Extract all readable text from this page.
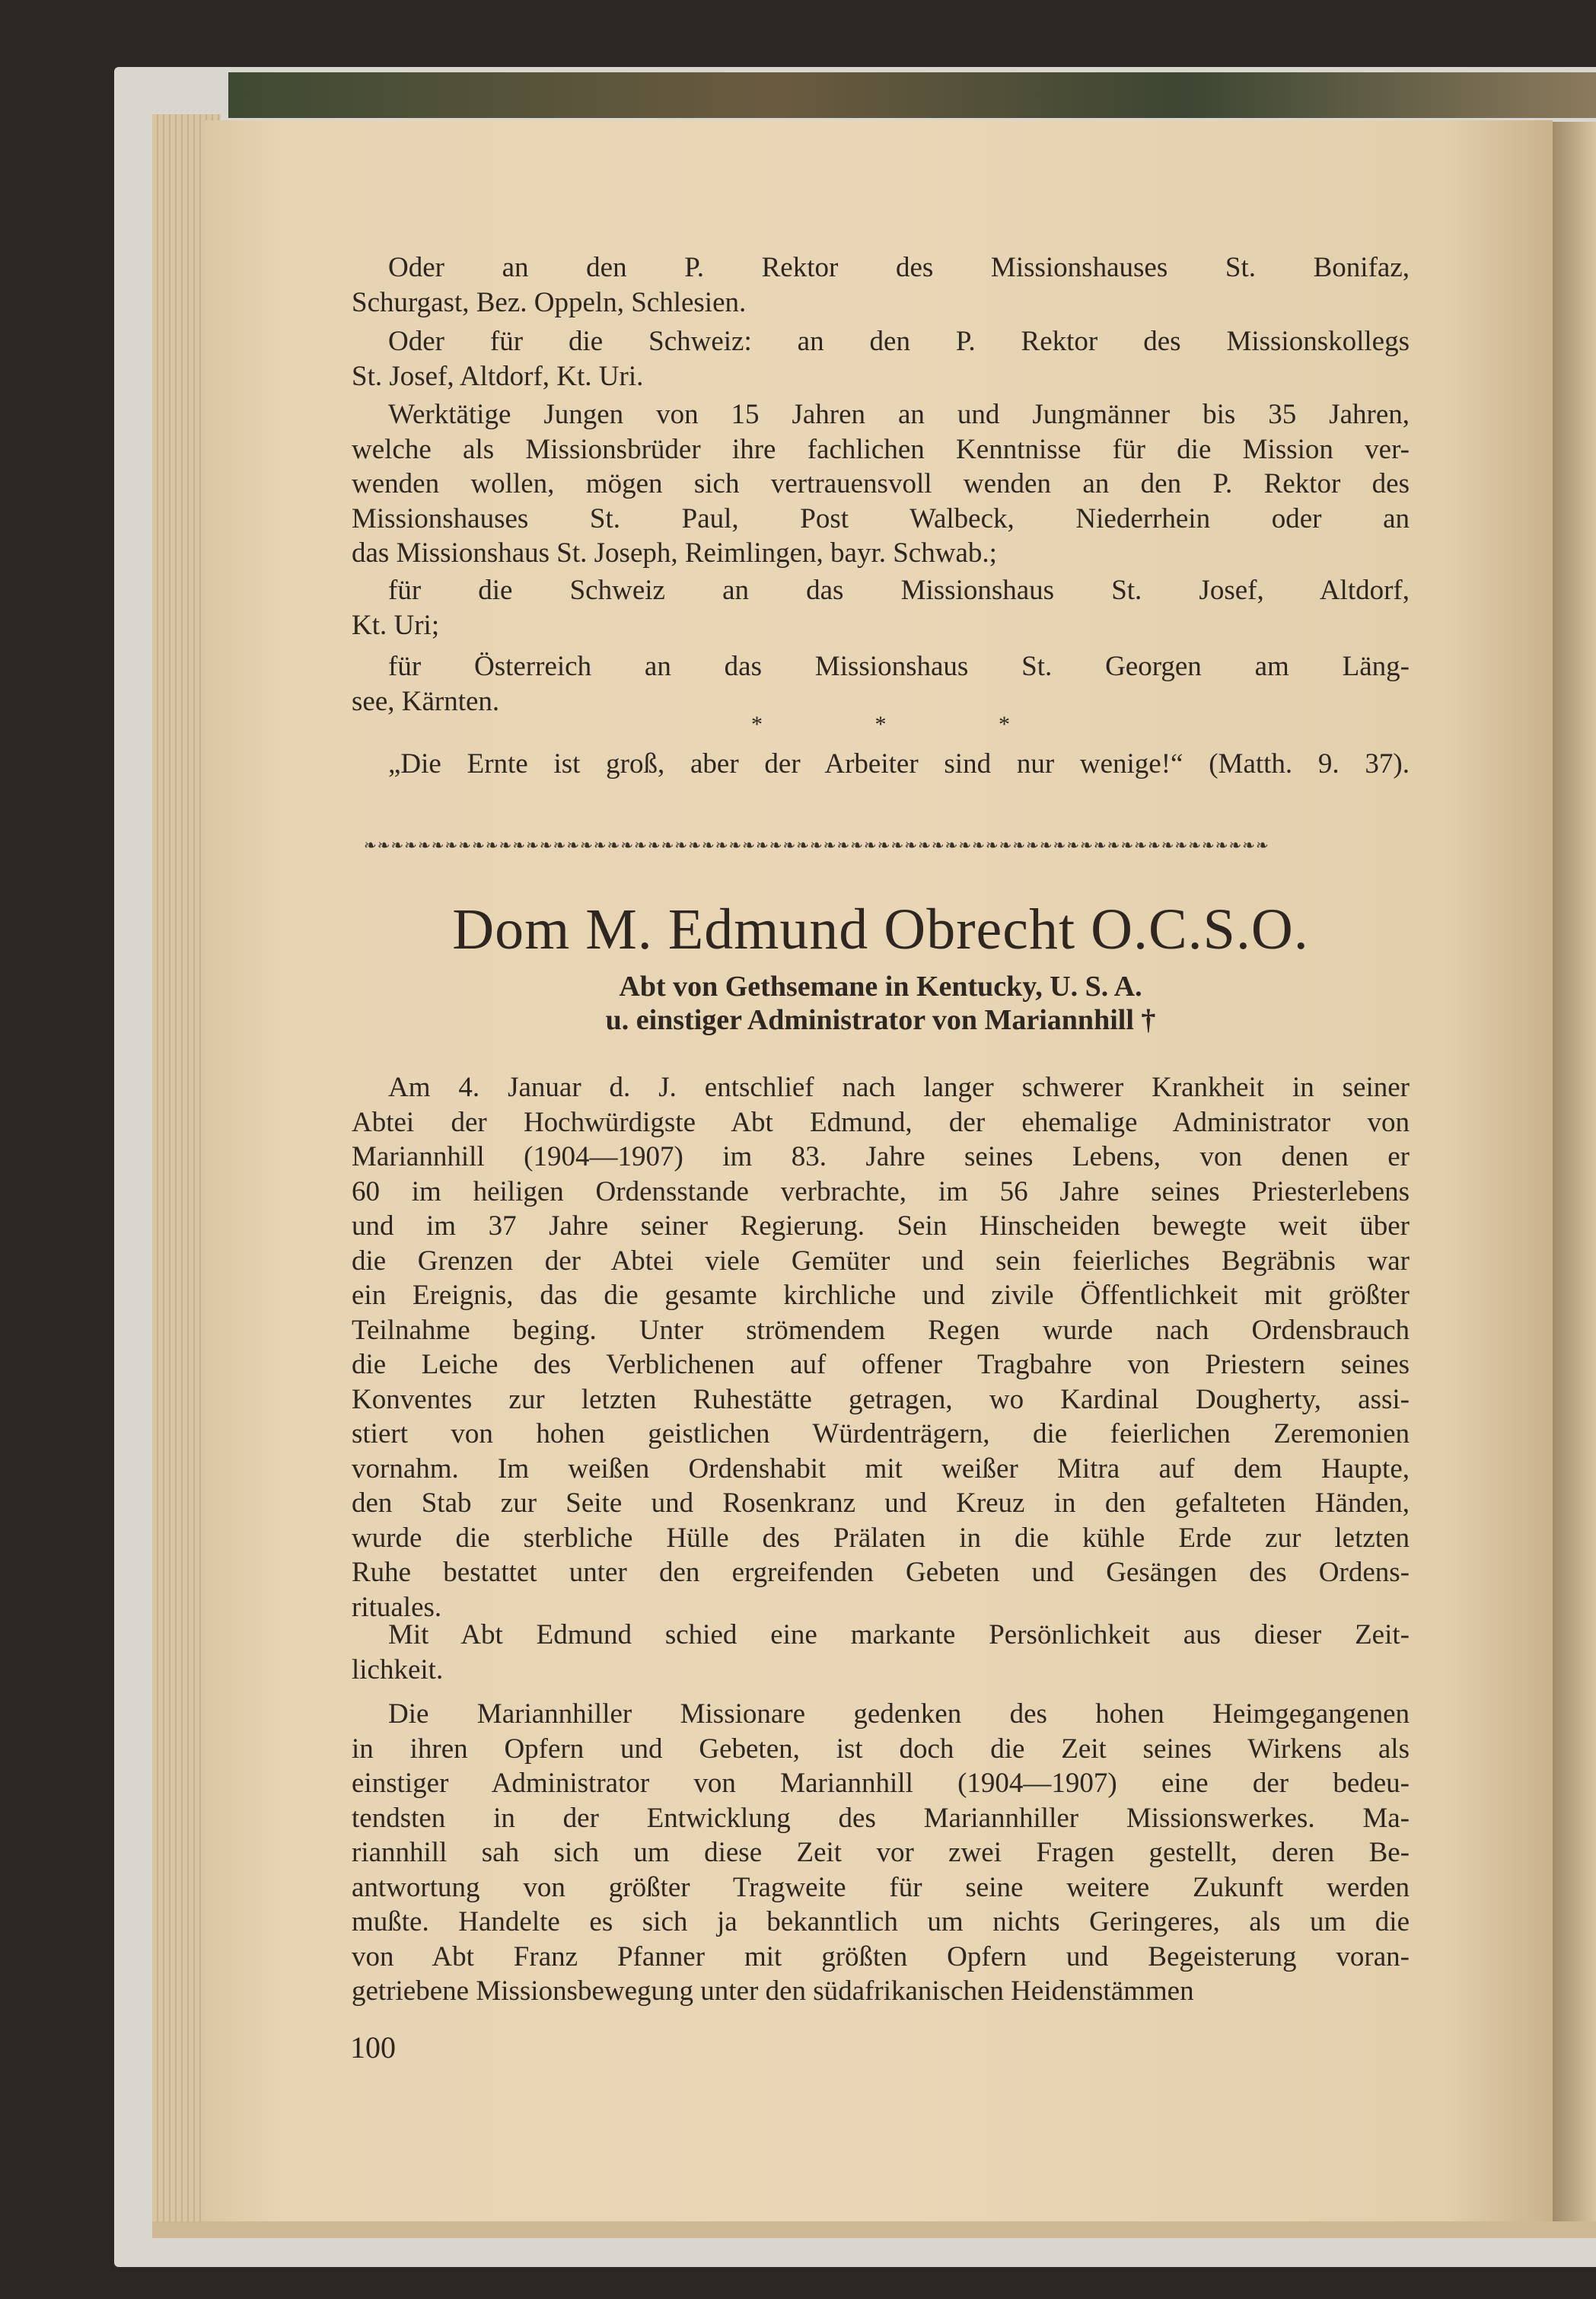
Oder an den P. Rektor des Missionshauses St. Bonifaz,
Schurgast, Bez. Oppeln, Schlesien.
Oder für die Schweiz: an den P. Rektor des Missionskollegs
St. Josef, Altdorf, Kt. Uri.
Werktätige Jungen von 15 Jahren an und Jungmänner bis 35 Jahren,
welche als Missionsbrüder ihre fachlichen Kenntnisse für die Mission ver-
wenden wollen, mögen sich vertrauensvoll wenden an den P. Rektor des
Missionshauses St. Paul, Post Walbeck, Niederrhein oder an
das Missionshaus St. Joseph, Reimlingen, bayr. Schwab.;
für die Schweiz an das Missionshaus St. Josef, Altdorf,
Kt. Uri;
für Österreich an das Missionshaus St. Georgen am Läng-
see, Kärnten.
* * *
„Die Ernte ist groß, aber der Arbeiter sind nur wenige!“ (Matth. 9. 37).
❧❧❧❧❧❧❧❧❧❧❧❧❧❧❧❧❧❧❧❧❧❧❧❧❧❧❧❧❧❧❧❧❧❧❧❧❧❧❧❧❧❧❧❧❧❧❧❧❧❧❧❧❧❧❧❧❧❧❧❧❧❧❧❧❧❧❧
Dom M. Edmund Obrecht O.C.S.O.
Abt von Gethsemane in Kentucky, U. S. A.
u. einstiger Administrator von Mariannhill †
Am 4. Januar d. J. entschlief nach langer schwerer Krankheit in seiner
Abtei der Hochwürdigste Abt Edmund, der ehemalige Administrator von
Mariannhill (1904—1907) im 83. Jahre seines Lebens, von denen er
60 im heiligen Ordensstande verbrachte, im 56 Jahre seines Priesterlebens
und im 37 Jahre seiner Regierung. Sein Hinscheiden bewegte weit über
die Grenzen der Abtei viele Gemüter und sein feierliches Begräbnis war
ein Ereignis, das die gesamte kirchliche und zivile Öffentlichkeit mit größter
Teilnahme beging. Unter strömendem Regen wurde nach Ordensbrauch
die Leiche des Verblichenen auf offener Tragbahre von Priestern seines
Konventes zur letzten Ruhestätte getragen, wo Kardinal Dougherty, assi-
stiert von hohen geistlichen Würdenträgern, die feierlichen Zeremonien
vornahm. Im weißen Ordenshabit mit weißer Mitra auf dem Haupte,
den Stab zur Seite und Rosenkranz und Kreuz in den gefalteten Händen,
wurde die sterbliche Hülle des Prälaten in die kühle Erde zur letzten
Ruhe bestattet unter den ergreifenden Gebeten und Gesängen des Ordens-
rituales.
Mit Abt Edmund schied eine markante Persönlichkeit aus dieser Zeit-
lichkeit.
Die Mariannhiller Missionare gedenken des hohen Heimgegangenen
in ihren Opfern und Gebeten, ist doch die Zeit seines Wirkens als
einstiger Administrator von Mariannhill (1904—1907) eine der bedeu-
tendsten in der Entwicklung des Mariannhiller Missionswerkes. Ma-
riannhill sah sich um diese Zeit vor zwei Fragen gestellt, deren Be-
antwortung von größter Tragweite für seine weitere Zukunft werden
mußte. Handelte es sich ja bekanntlich um nichts Geringeres, als um die
von Abt Franz Pfanner mit größten Opfern und Begeisterung voran-
getriebene Missionsbewegung unter den südafrikanischen Heidenstämmen
100
